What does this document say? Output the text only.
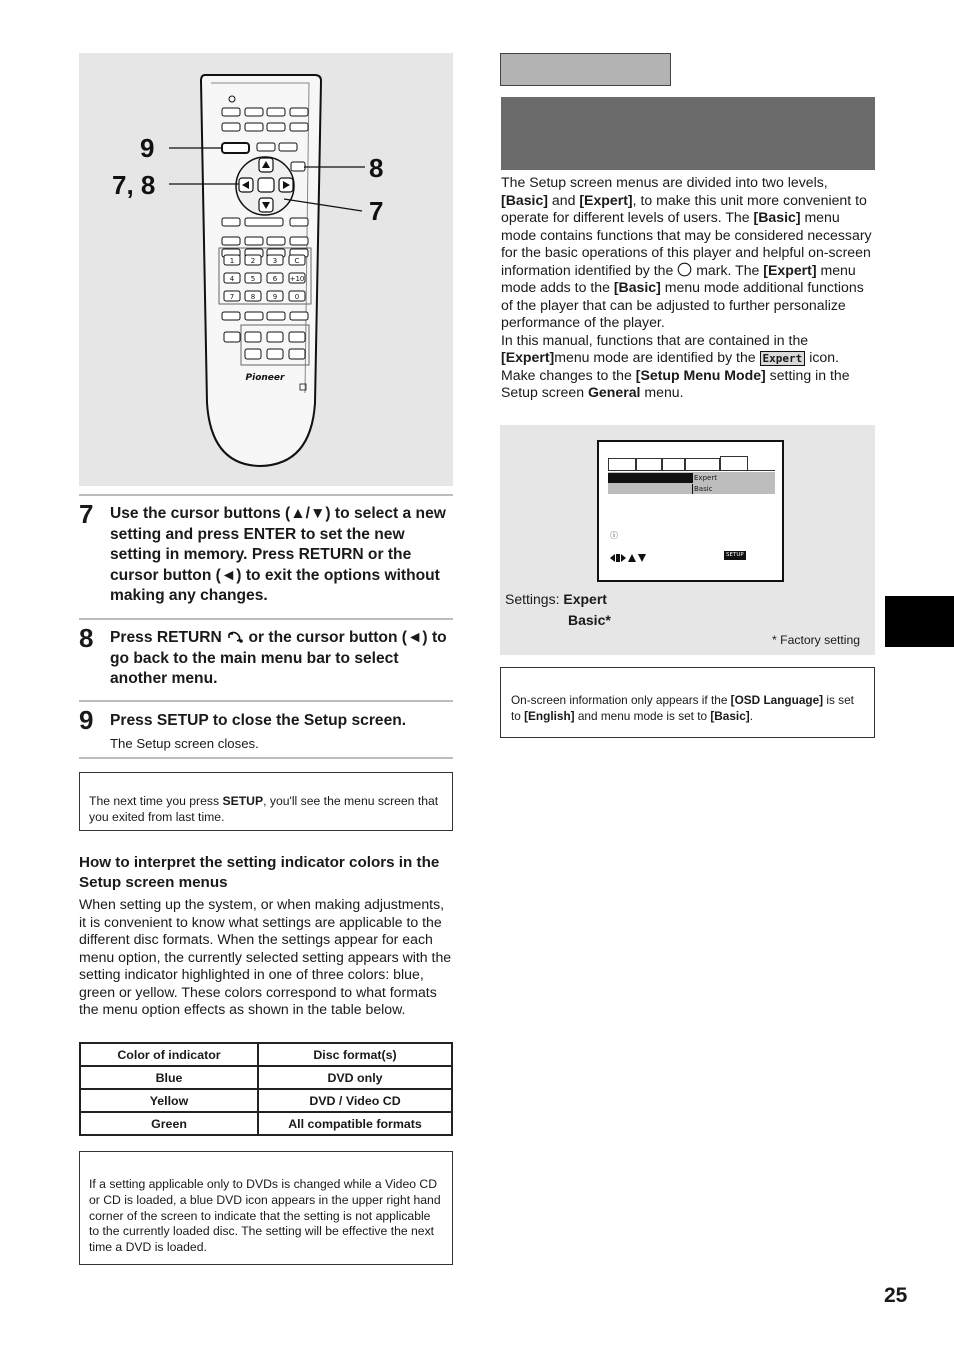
1 2	3 C
4 5	6 +10
7 8	9	0
Pioneer
9
7, 8
8
7
7 Use the cursor buttons (▲/▼) to select a new setting and press ENTER to set the new setting in memory. Press RETURN or the cursor button (◄) to exit the options without making any changes.
8 Press RETURN  or the cursor button (◄) to go back to the main menu bar to select another menu.
9 Press SETUP to close the Setup screen.
The Setup screen closes.

The next time you press SETUP, you'll see the menu screen that you exited from last time.

How to interpret the setting indicator colors in the Setup screen menus

When setting up the system, or when making adjustments, it is convenient to know what settings are applicable to the different disc formats. When the settings appear for each menu option, the currently selected setting appears with the setting indicator highlighted in one of three colors: blue, green or yellow. These colors correspond to what formats the menu option effects as shown in the table below.

Color of indicator	Disc format(s)
Blue	DVD only
Yellow	DVD / Video CD
Green	All compatible formats

If a setting applicable only to DVDs is changed while a Video CD or CD is loaded, a blue DVD icon appears in the upper right hand corner of the screen to indicate that the setting is not applicable to the currently loaded disc. The setting will be effective the next time a DVD is loaded.

The Setup screen menus are divided into two levels, [Basic] and [Expert], to make this unit more convenient to operate for different levels of users. The [Basic] menu mode contains functions that may be considered necessary for the basic operations of this player and helpful on-screen information identified by the  mark. The [Expert] menu mode adds to the [Basic] menu mode additional functions of the player that can be adjusted to further personalize performance of the player.

In this manual, functions that are contained in the [Expert]menu mode are identified by the Expert icon. Make changes to the [Setup Menu Mode] setting in the Setup screen General menu.

Expert
Basic
ⓘ
SETUP
Settings: Expert
Basic*
* Factory setting

On-screen information only appears if the [OSD Language] is set to [English] and menu mode is set to [Basic].

25
